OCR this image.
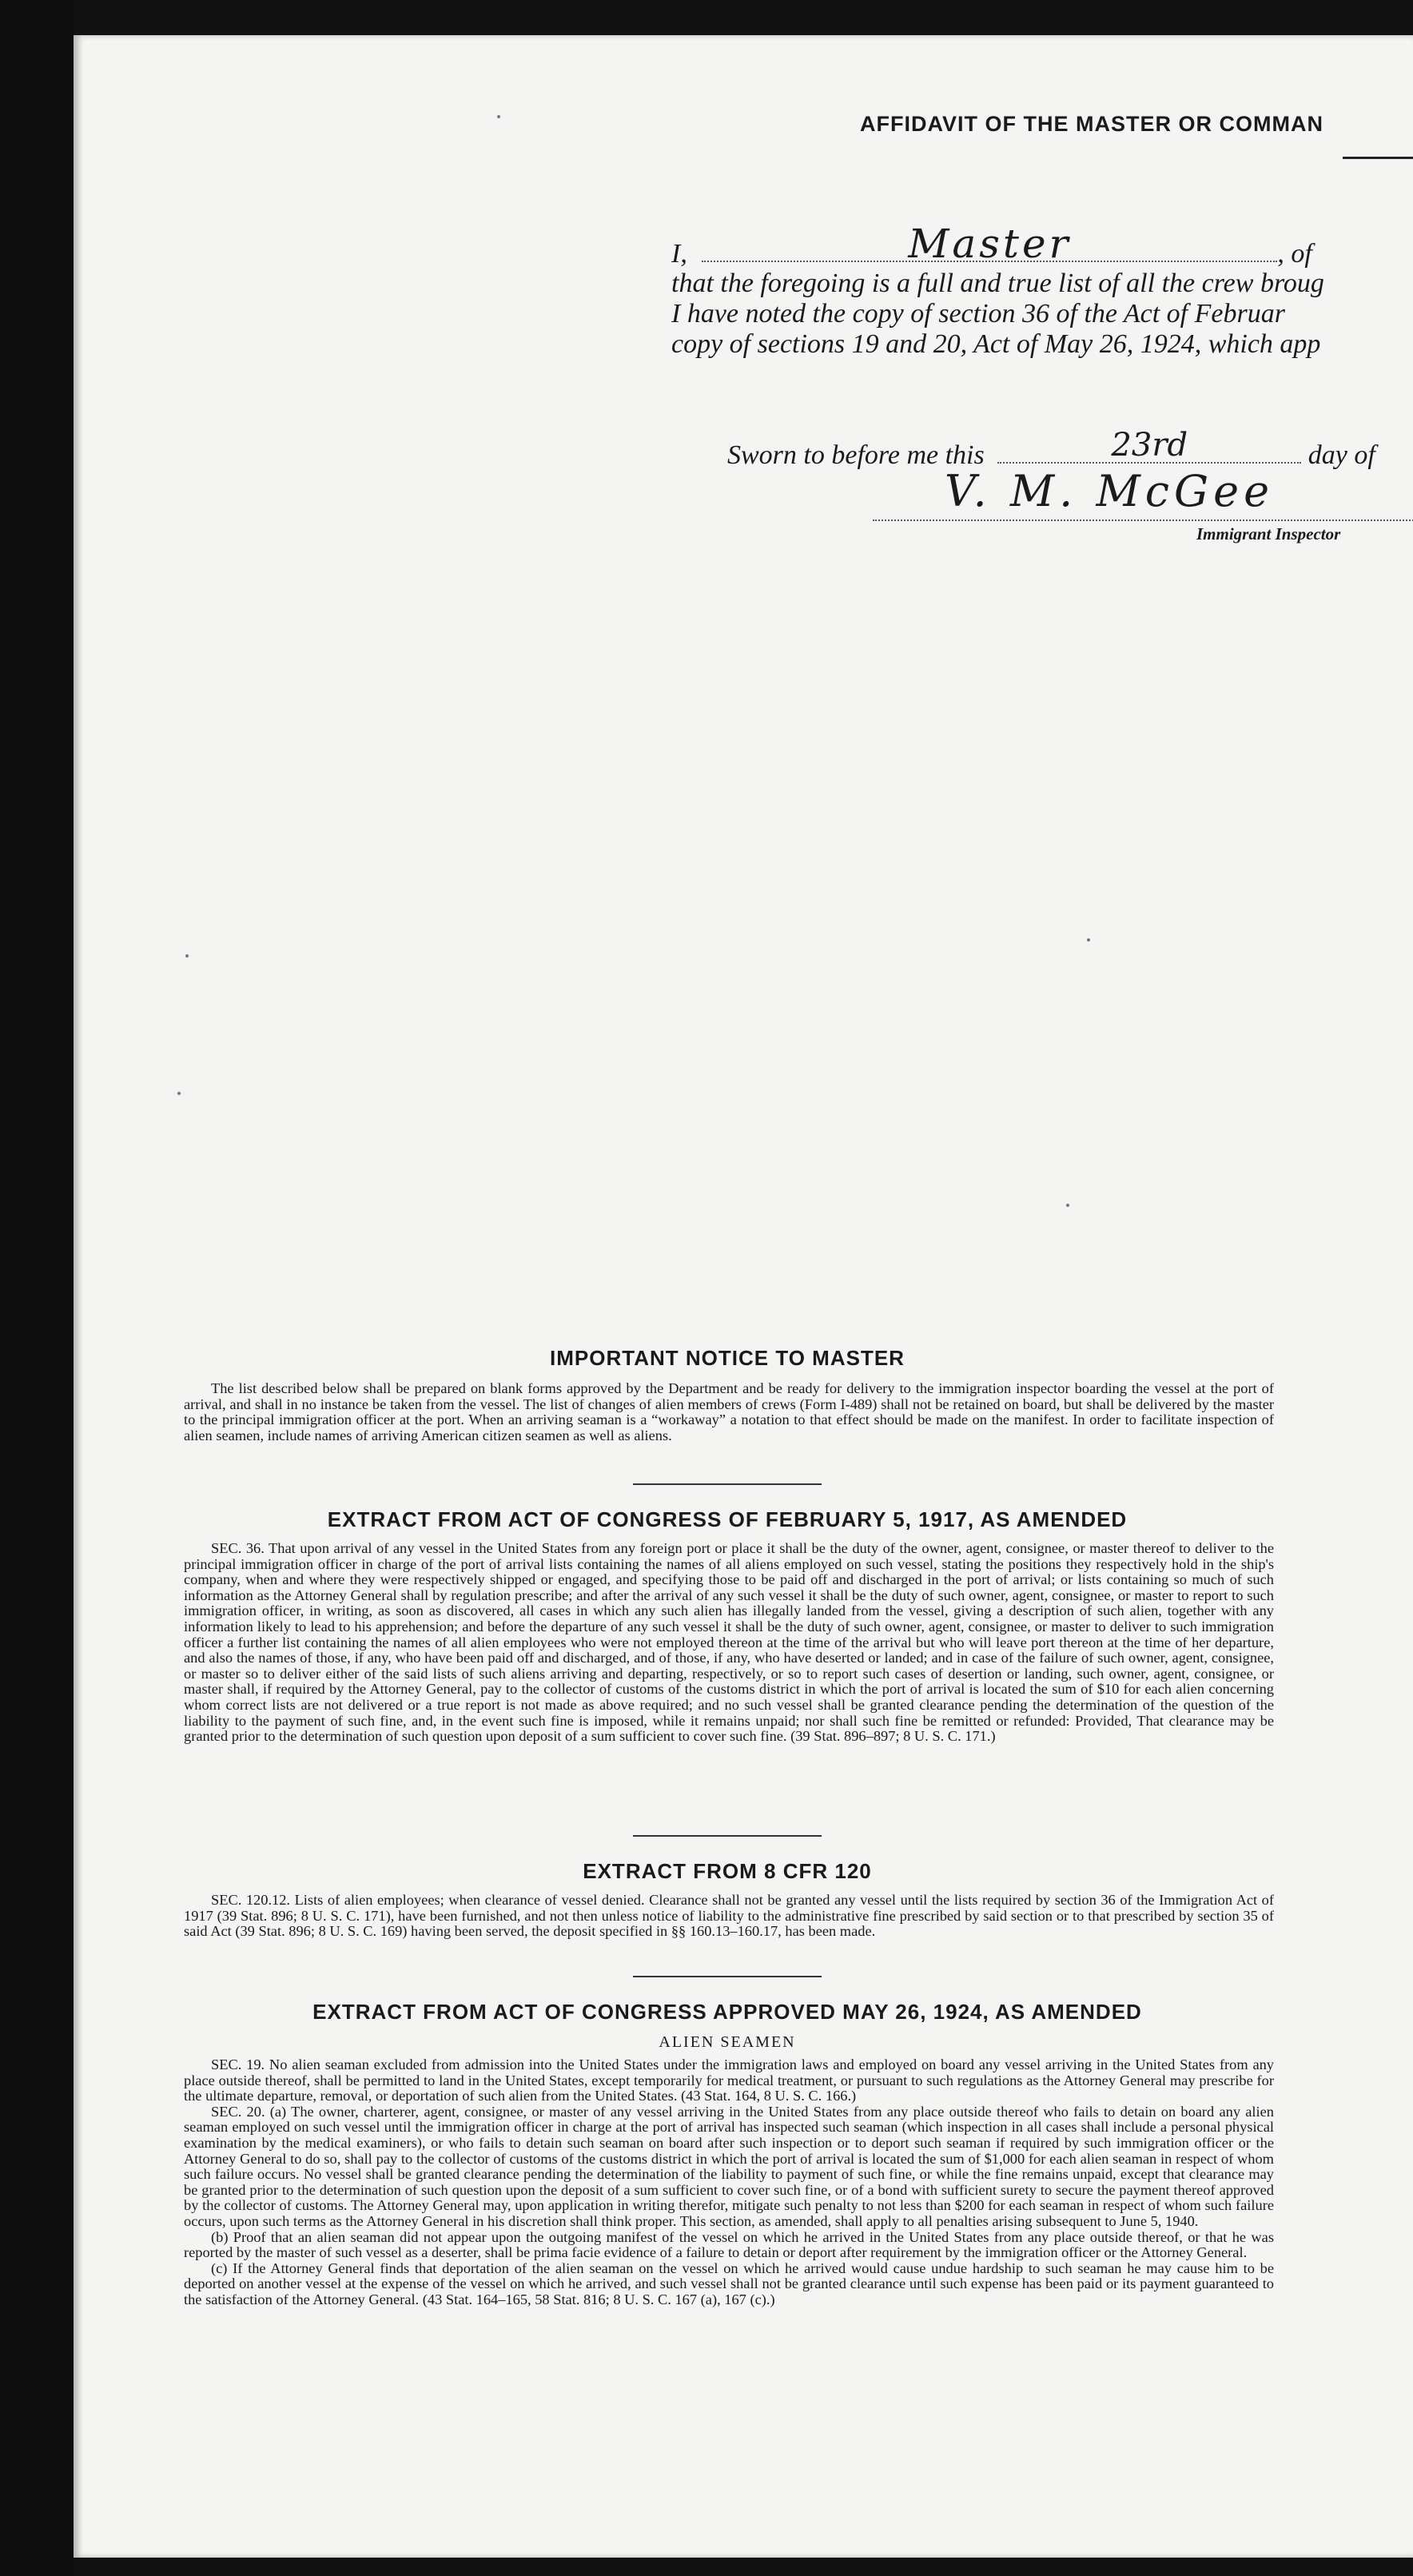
AFFIDAVIT OF THE MASTER OR COMMAN
I,	Master	, of
that the foregoing is a full and true list of all the crew broug
I have noted the copy of section 36 of the Act of Februar
copy of sections 19 and 20, Act of May 26, 1924, which app
Sworn to before me this	23rd	day of
V. M. McGee
Immigrant Inspector
IMPORTANT NOTICE TO MASTER

The list described below shall be prepared on blank forms approved by the Department and be ready for delivery to the immigration inspector boarding the vessel at the port of arrival, and shall in no instance be taken from the vessel. The list of changes of alien members of crews (Form I-489) shall not be retained on board, but shall be delivered by the master to the principal immigration officer at the port. When an arriving seaman is a “workaway” a notation to that effect should be made on the manifest. In order to facilitate inspection of alien seamen, include names of arriving American citizen seamen as well as aliens.

EXTRACT FROM ACT OF CONGRESS OF FEBRUARY 5, 1917, AS AMENDED

SEC. 36. That upon arrival of any vessel in the United States from any foreign port or place it shall be the duty of the owner, agent, consignee, or master thereof to deliver to the principal immigration officer in charge of the port of arrival lists containing the names of all aliens employed on such vessel, stating the positions they respectively hold in the ship's company, when and where they were respectively shipped or engaged, and specifying those to be paid off and discharged in the port of arrival; or lists containing so much of such information as the Attorney General shall by regulation prescribe; and after the arrival of any such vessel it shall be the duty of such owner, agent, consignee, or master to report to such immigration officer, in writing, as soon as discovered, all cases in which any such alien has illegally landed from the vessel, giving a description of such alien, together with any information likely to lead to his apprehension; and before the departure of any such vessel it shall be the duty of such owner, agent, consignee, or master to deliver to such immigration officer a further list containing the names of all alien employees who were not employed thereon at the time of the arrival but who will leave port thereon at the time of her departure, and also the names of those, if any, who have been paid off and discharged, and of those, if any, who have deserted or landed; and in case of the failure of such owner, agent, consignee, or master so to deliver either of the said lists of such aliens arriving and departing, respectively, or so to report such cases of desertion or landing, such owner, agent, consignee, or master shall, if required by the Attorney General, pay to the collector of customs of the customs district in which the port of arrival is located the sum of $10 for each alien concerning whom correct lists are not delivered or a true report is not made as above required; and no such vessel shall be granted clearance pending the determination of the question of the liability to the payment of such fine, and, in the event such fine is imposed, while it remains unpaid; nor shall such fine be remitted or refunded: Provided, That clearance may be granted prior to the determination of such question upon deposit of a sum sufficient to cover such fine. (39 Stat. 896–897; 8 U. S. C. 171.)

EXTRACT FROM 8 CFR 120

SEC. 120.12. Lists of alien employees; when clearance of vessel denied. Clearance shall not be granted any vessel until the lists required by section 36 of the Immigration Act of 1917 (39 Stat. 896; 8 U. S. C. 171), have been furnished, and not then unless notice of liability to the administrative fine prescribed by said section or to that prescribed by section 35 of said Act (39 Stat. 896; 8 U. S. C. 169) having been served, the deposit specified in §§ 160.13–160.17, has been made.

EXTRACT FROM ACT OF CONGRESS APPROVED MAY 26, 1924, AS AMENDED
ALIEN SEAMEN

SEC. 19. No alien seaman excluded from admission into the United States under the immigration laws and employed on board any vessel arriving in the United States from any place outside thereof, shall be permitted to land in the United States, except temporarily for medical treatment, or pursuant to such regulations as the Attorney General may prescribe for the ultimate departure, removal, or deportation of such alien from the United States. (43 Stat. 164, 8 U. S. C. 166.)

SEC. 20. (a) The owner, charterer, agent, consignee, or master of any vessel arriving in the United States from any place outside thereof who fails to detain on board any alien seaman employed on such vessel until the immigration officer in charge at the port of arrival has inspected such seaman (which inspection in all cases shall include a personal physical examination by the medical examiners), or who fails to detain such seaman on board after such inspection or to deport such seaman if required by such immigration officer or the Attorney General to do so, shall pay to the collector of customs of the customs district in which the port of arrival is located the sum of $1,000 for each alien seaman in respect of whom such failure occurs. No vessel shall be granted clearance pending the determination of the liability to payment of such fine, or while the fine remains unpaid, except that clearance may be granted prior to the determination of such question upon the deposit of a sum sufficient to cover such fine, or of a bond with sufficient surety to secure the payment thereof approved by the collector of customs. The Attorney General may, upon application in writing therefor, mitigate such penalty to not less than $200 for each seaman in respect of whom such failure occurs, upon such terms as the Attorney General in his discretion shall think proper. This section, as amended, shall apply to all penalties arising subsequent to June 5, 1940.

(b) Proof that an alien seaman did not appear upon the outgoing manifest of the vessel on which he arrived in the United States from any place outside thereof, or that he was reported by the master of such vessel as a deserter, shall be prima facie evidence of a failure to detain or deport after requirement by the immigration officer or the Attorney General.

(c) If the Attorney General finds that deportation of the alien seaman on the vessel on which he arrived would cause undue hardship to such seaman he may cause him to be deported on another vessel at the expense of the vessel on which he arrived, and such vessel shall not be granted clearance until such expense has been paid or its payment guaranteed to the satisfaction of the Attorney General. (43 Stat. 164–165, 58 Stat. 816; 8 U. S. C. 167 (a), 167 (c).)
